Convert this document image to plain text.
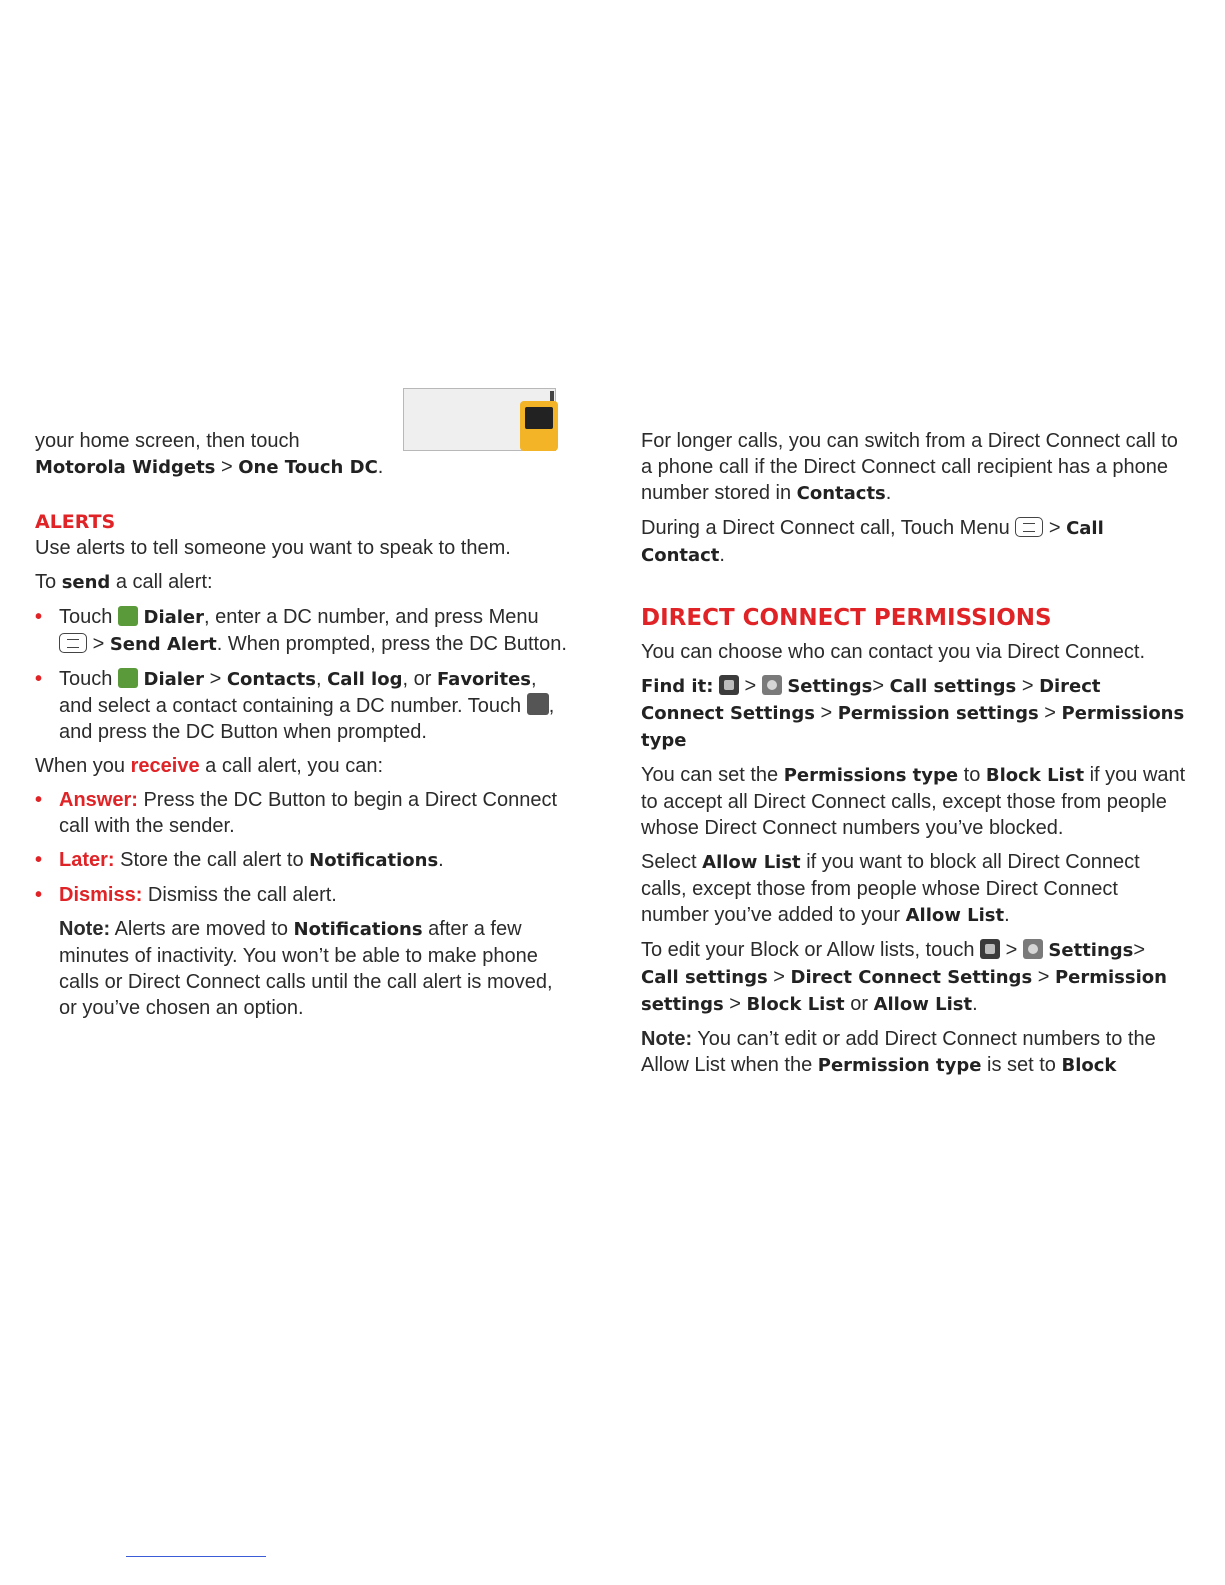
your home screen, then touch
Motorola Widgets > One Touch DC.

ALERTS

Use alerts to tell someone you want to speak to them.

To send a call alert:

• Touch  Dialer, enter a DC number, and press Menu  > Send Alert. When prompted, press the DC Button.

• Touch  Dialer > Contacts, Call log, or Favorites, and select a contact containing a DC number. Touch , and press the DC Button when prompted.

When you receive a call alert, you can:

• Answer: Press the DC Button to begin a Direct Connect call with the sender.

• Later: Store the call alert to Notifications.

• Dismiss: Dismiss the call alert.

Note: Alerts are moved to Notifications after a few minutes of inactivity. You won’t be able to make phone calls or Direct Connect calls until the call alert is moved, or you’ve chosen an option.

For longer calls, you can switch from a Direct Connect call to a phone call if the Direct Connect call recipient has a phone number stored in Contacts.

During a Direct Connect call, Touch Menu  > Call Contact.

DIRECT CONNECT PERMISSIONS

You can choose who can contact you via Direct Connect.

Find it: > Settings> Call settings > Direct Connect Settings > Permission settings > Permissions type

You can set the Permissions type to Block List if you want to accept all Direct Connect calls, except those from people whose Direct Connect numbers you’ve blocked.

Select Allow List if you want to block all Direct Connect calls, except those from people whose Direct Connect number you’ve added to your Allow List.

To edit your Block or Allow lists, touch  > Settings> Call settings > Direct Connect Settings > Permission settings > Block List or Allow List.

Note: You can’t edit or add Direct Connect numbers to the Allow List when the Permission type is set to Block
